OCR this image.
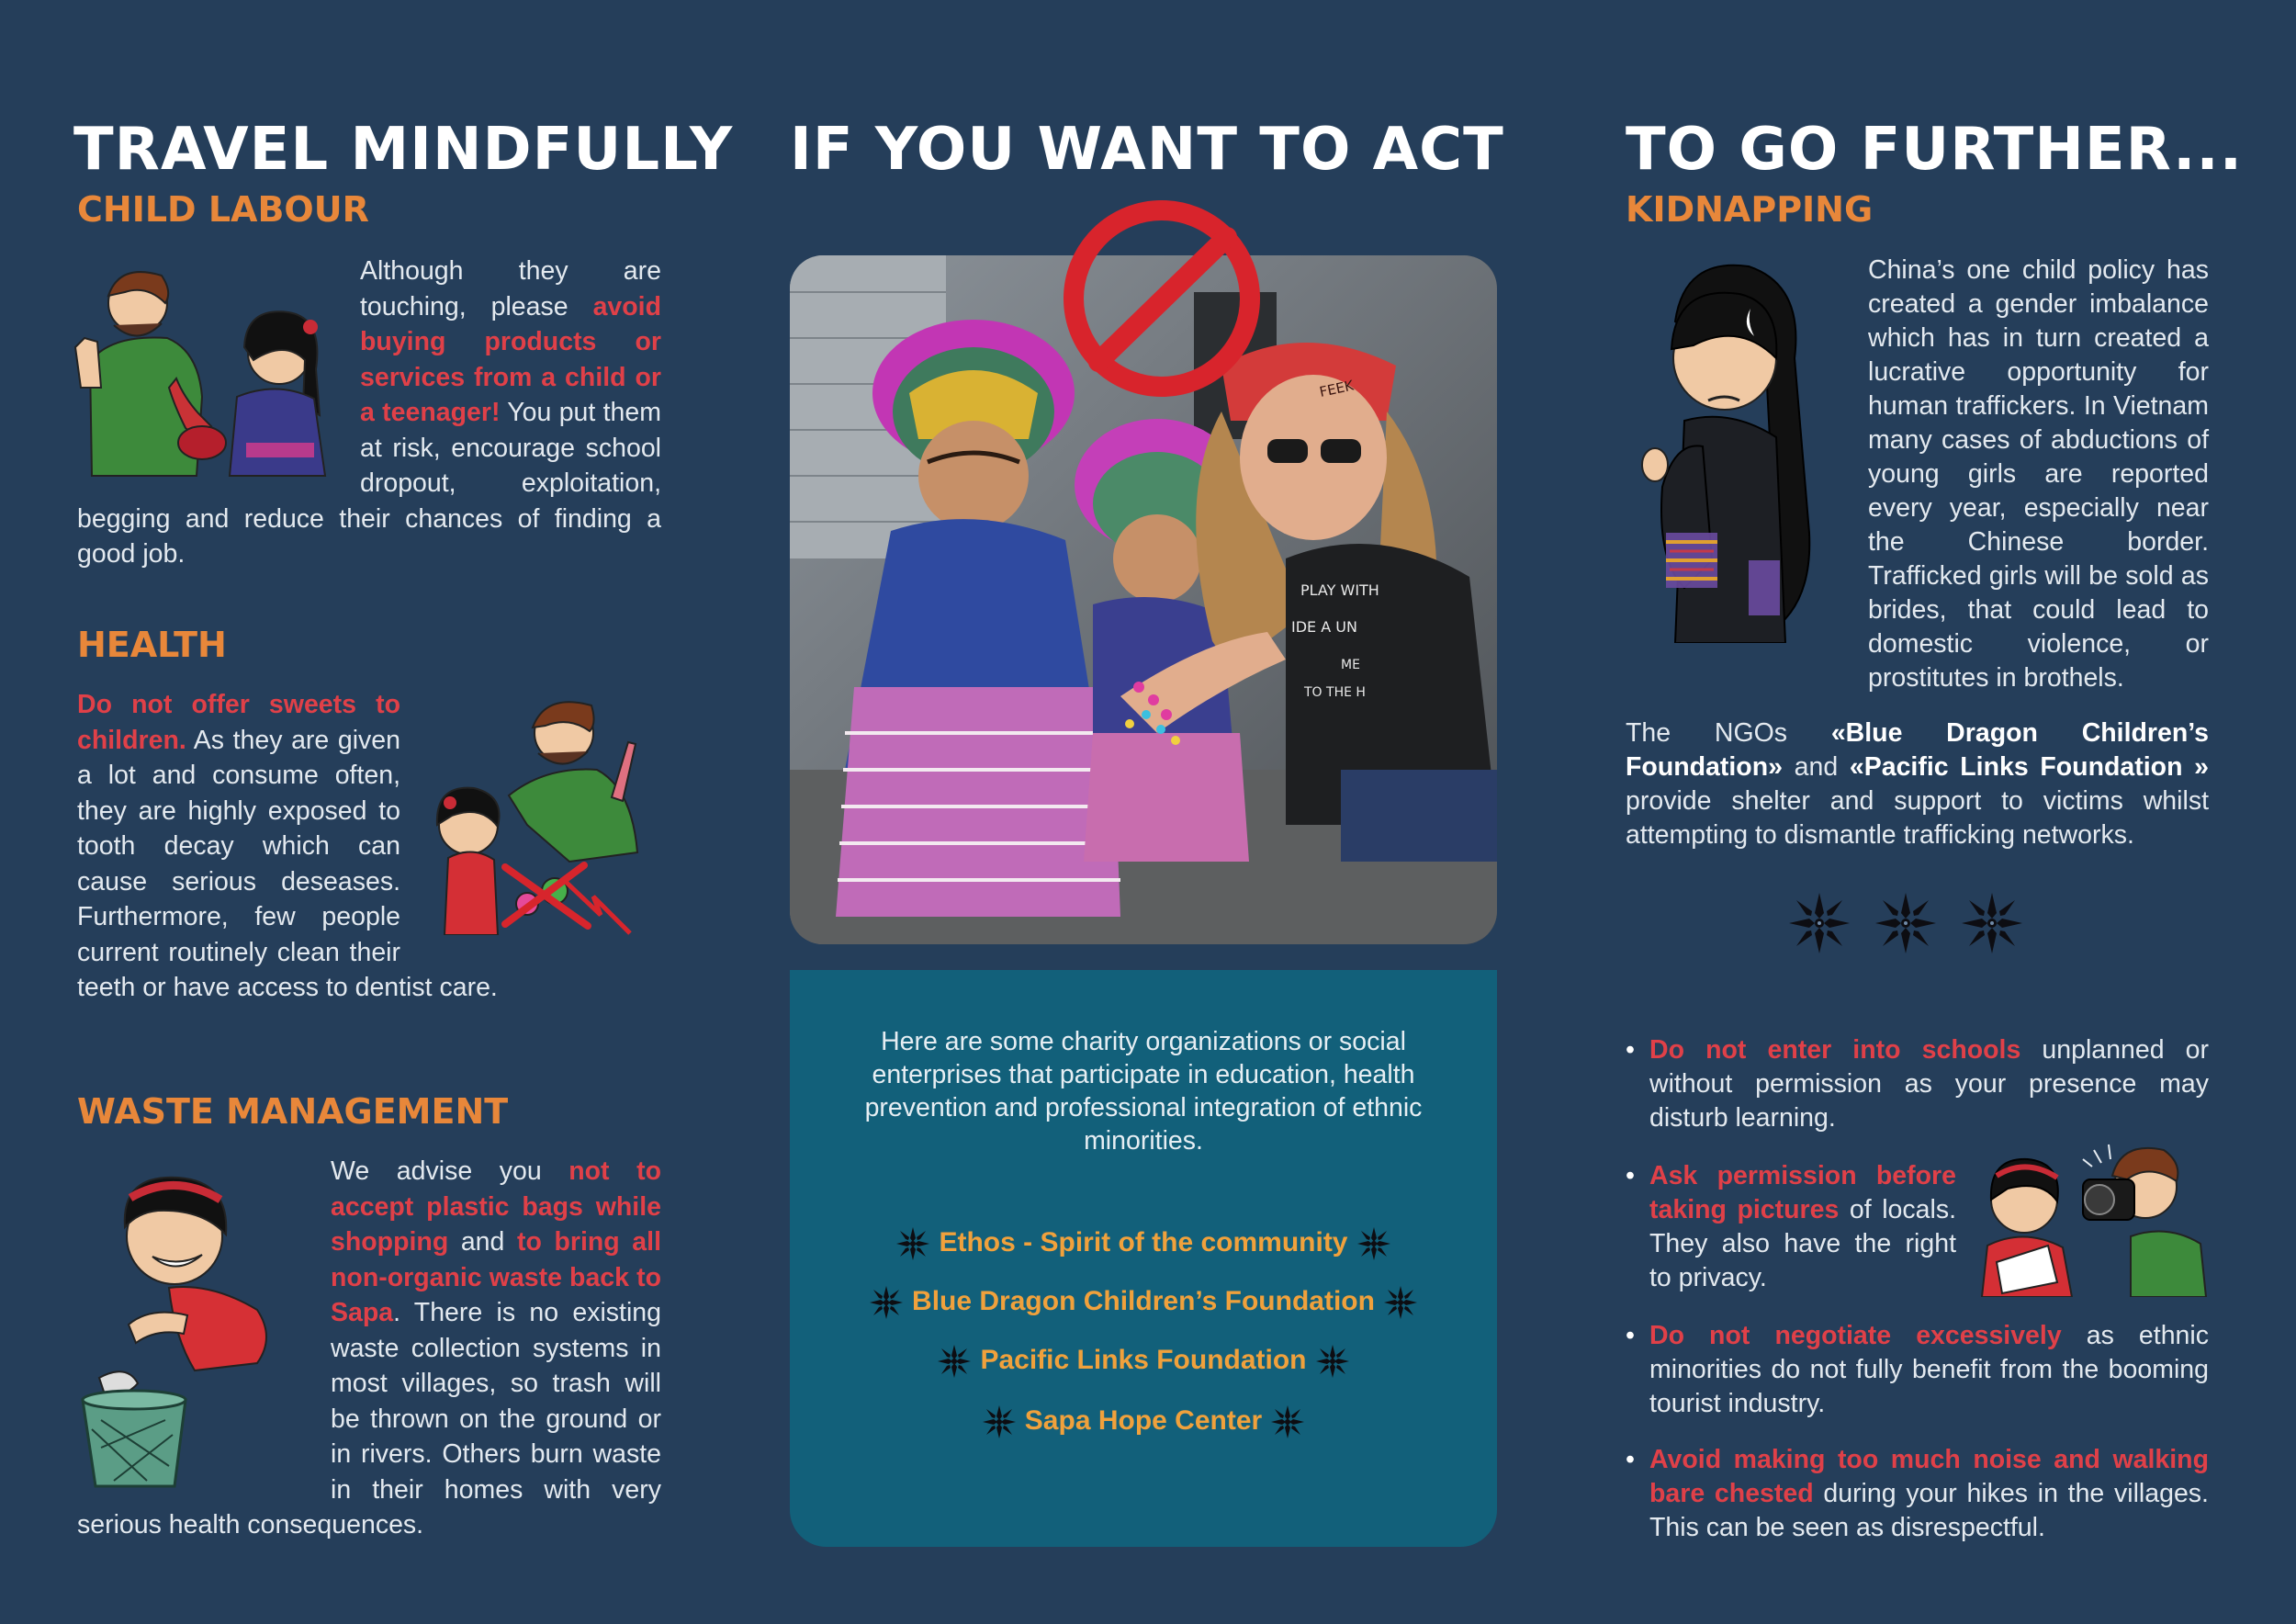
TRAVEL MINDFULLY
CHILD LABOUR
Although they are touching, please avoid buying products or services from a child or a teenager! You put them at risk, encourage school dropout, exploitation, begging and reduce their chances of finding a good job.
HEALTH
Do not offer sweets to children. As they are given a lot and consume often, they are highly exposed to tooth decay which can cause serious deseases. Furthermore, few people current routinely clean their teeth or have access to dentist care.
WASTE MANAGEMENT
We advise you not to accept plastic bags while shopping and to bring all non-organic waste back to Sapa. There is no existing waste collection systems in most villages, so trash will be thrown on the ground or in rivers. Others burn waste in their homes with very serious health consequences.
IF YOU WANT TO ACT
PLAY WITH
IDE A UN
ME
TO THE H
FEEK

Here are some charity organizations or social enterprises that participate in education, health prevention and professional integration of ethnic minorities.

Ethos - Spirit of the community
Blue Dragon Children’s Foundation
Pacific Links Foundation
Sapa Hope Center
TO GO FURTHER...
KIDNAPPING
China’s one child policy has created a gender imbalance which has in turn created a lucrative opportunity for human traffickers. In Vietnam many cases of abductions of young girls are reported every year, especially near the Chinese border. Trafficked girls will be sold as brides, that could lead to domestic violence, or prostitutes in brothels.
The NGOs «Blue Dragon Children’s Foundation» and «Pacific Links Foundation » provide shelter and support to victims whilst attempting to dismantle trafficking networks.

• Do not enter into schools unplanned or without permission as your presence may disturb learning.

• Ask permission before taking pictures of locals. They also have the right to privacy.

• Do not negotiate excessively as ethnic minorities do not fully benefit from the booming tourist industry.

• Avoid making too much noise and walking bare chested during your hikes in the villages. This can be seen as disrespectful.
